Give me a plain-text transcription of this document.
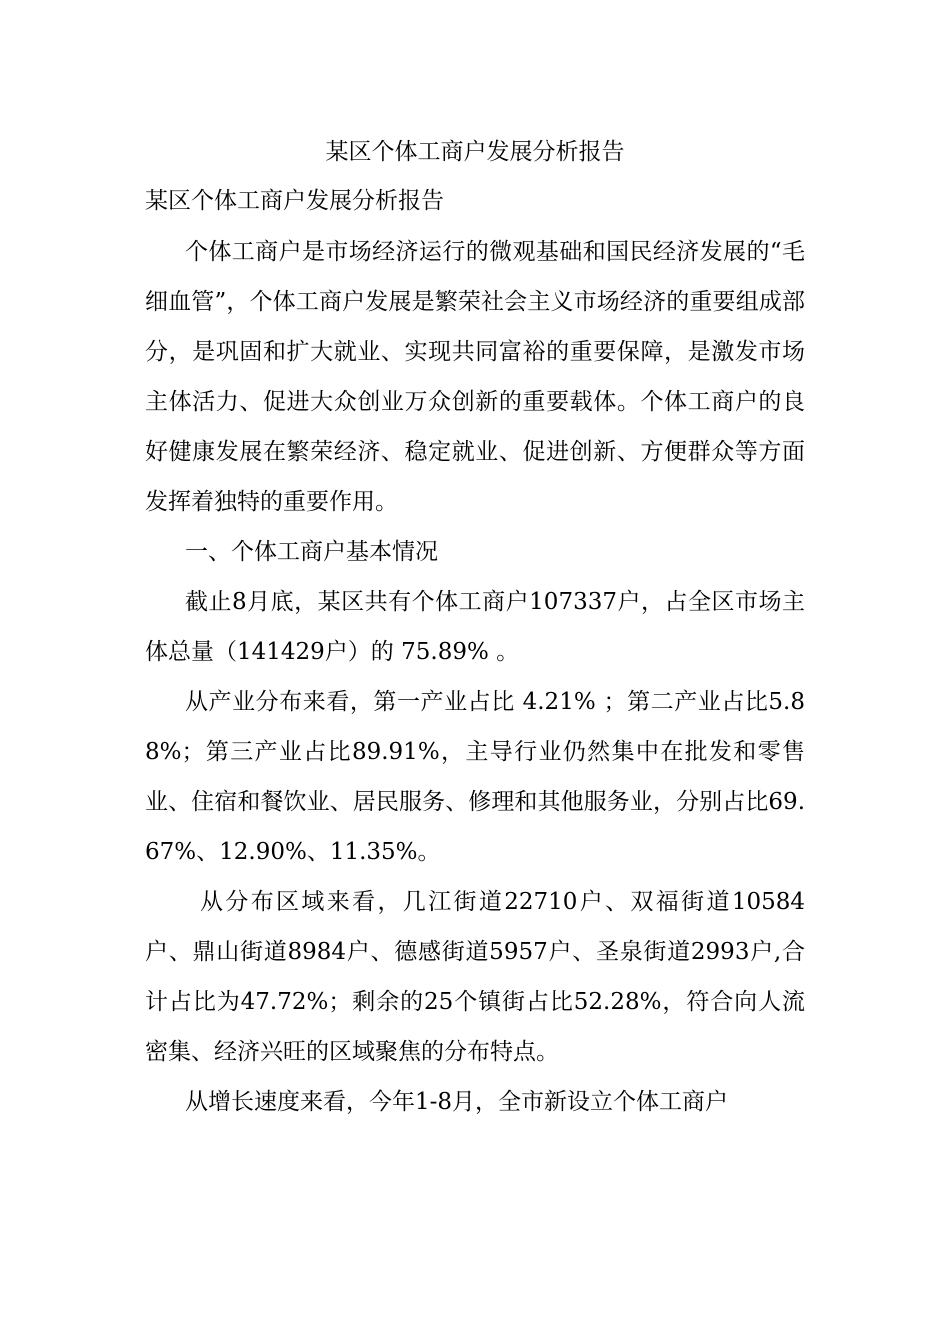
某区个体工商户发展分析报告
某区个体工商户发展分析报告

个体工商户是市场经济运行的微观基础和国民经济发展的“毛细血管”，个体工商户发展是繁荣社会主义市场经济的重要组成部分，是巩固和扩大就业、实现共同富裕的重要保障，是激发市场主体活力、促进大众创业万众创新的重要载体。个体工商户的良好健康发展在繁荣经济、稳定就业、促进创新、方便群众等方面发挥着独特的重要作用。

一、个体工商户基本情况

截止8月底，某区共有个体工商户107337户，占全区市场主体总量（141429户）的 75.89% 。

从产业分布来看，第一产业占比 4.21% ；第二产业占比5.88%；第三产业占比89.91%，主导行业仍然集中在批发和零售业、住宿和餐饮业、居民服务、修理和其他服务业，分别占比69.67%、12.90%、11.35%。

从分布区域来看，几江街道22710户、双福街道10584户、鼎山街道8984户、德感街道5957户、圣泉街道2993户,合计占比为47.72%；剩余的25个镇街占比52.28%，符合向人流密集、经济兴旺的区域聚焦的分布特点。

从增长速度来看，今年1-8月，全市新设立个体工商户
